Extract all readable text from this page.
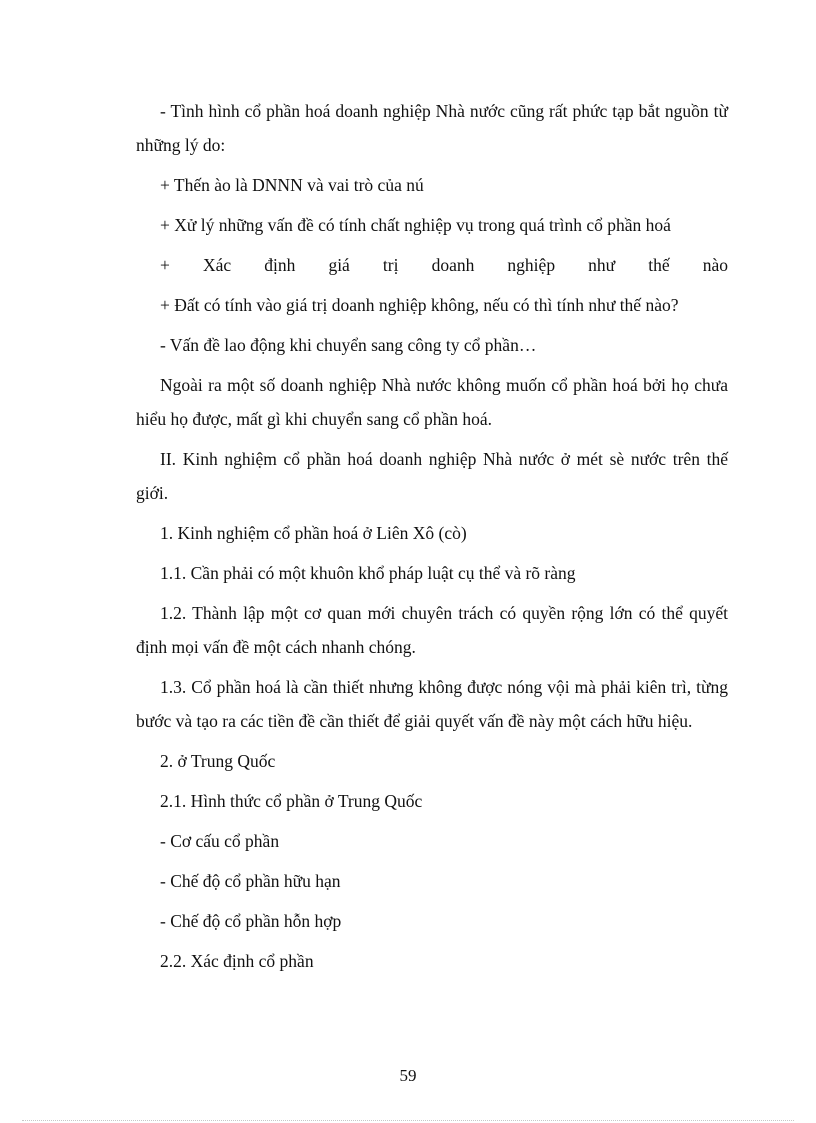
- Tình hình cổ phần hoá doanh nghiệp Nhà nước cũng rất phức tạp bắt nguồn từ những lý do:

+ Thến ào là DNNN và vai trò của nú

+ Xử lý những vấn đề có tính chất nghiệp vụ trong quá trình cổ phần hoá

+ Xác định giá trị doanh nghiệp như thế nào

+ Đất có tính vào giá trị doanh nghiệp không, nếu có thì tính như thế nào?

- Vấn đề lao động khi chuyển sang công ty cổ phần…

Ngoài ra một số doanh nghiệp Nhà nước không muốn cổ phần hoá bởi họ chưa hiểu họ được, mất gì khi chuyển sang cổ phần hoá.

II. Kinh nghiệm cổ phần hoá doanh nghiệp Nhà nước ở mét sè nước trên thế giới.

1. Kinh nghiệm cổ phần hoá ở Liên Xô (cò)

1.1. Cần phải có một khuôn khổ pháp luật cụ thể và rõ ràng

1.2. Thành lập một cơ quan mới chuyên trách có quyền rộng lớn có thể quyết định mọi vấn đề một cách nhanh chóng.

1.3. Cổ phần hoá là cần thiết nhưng không được nóng vội mà phải kiên trì, từng bước và tạo ra các tiền đề cần thiết để giải quyết vấn đề này một cách hữu hiệu.

2. ở Trung Quốc

2.1. Hình thức cổ phần ở Trung Quốc

- Cơ cấu cổ phần

- Chế độ cổ phần hữu hạn

- Chế độ cổ phần hỗn hợp

2.2. Xác định cổ phần

59
